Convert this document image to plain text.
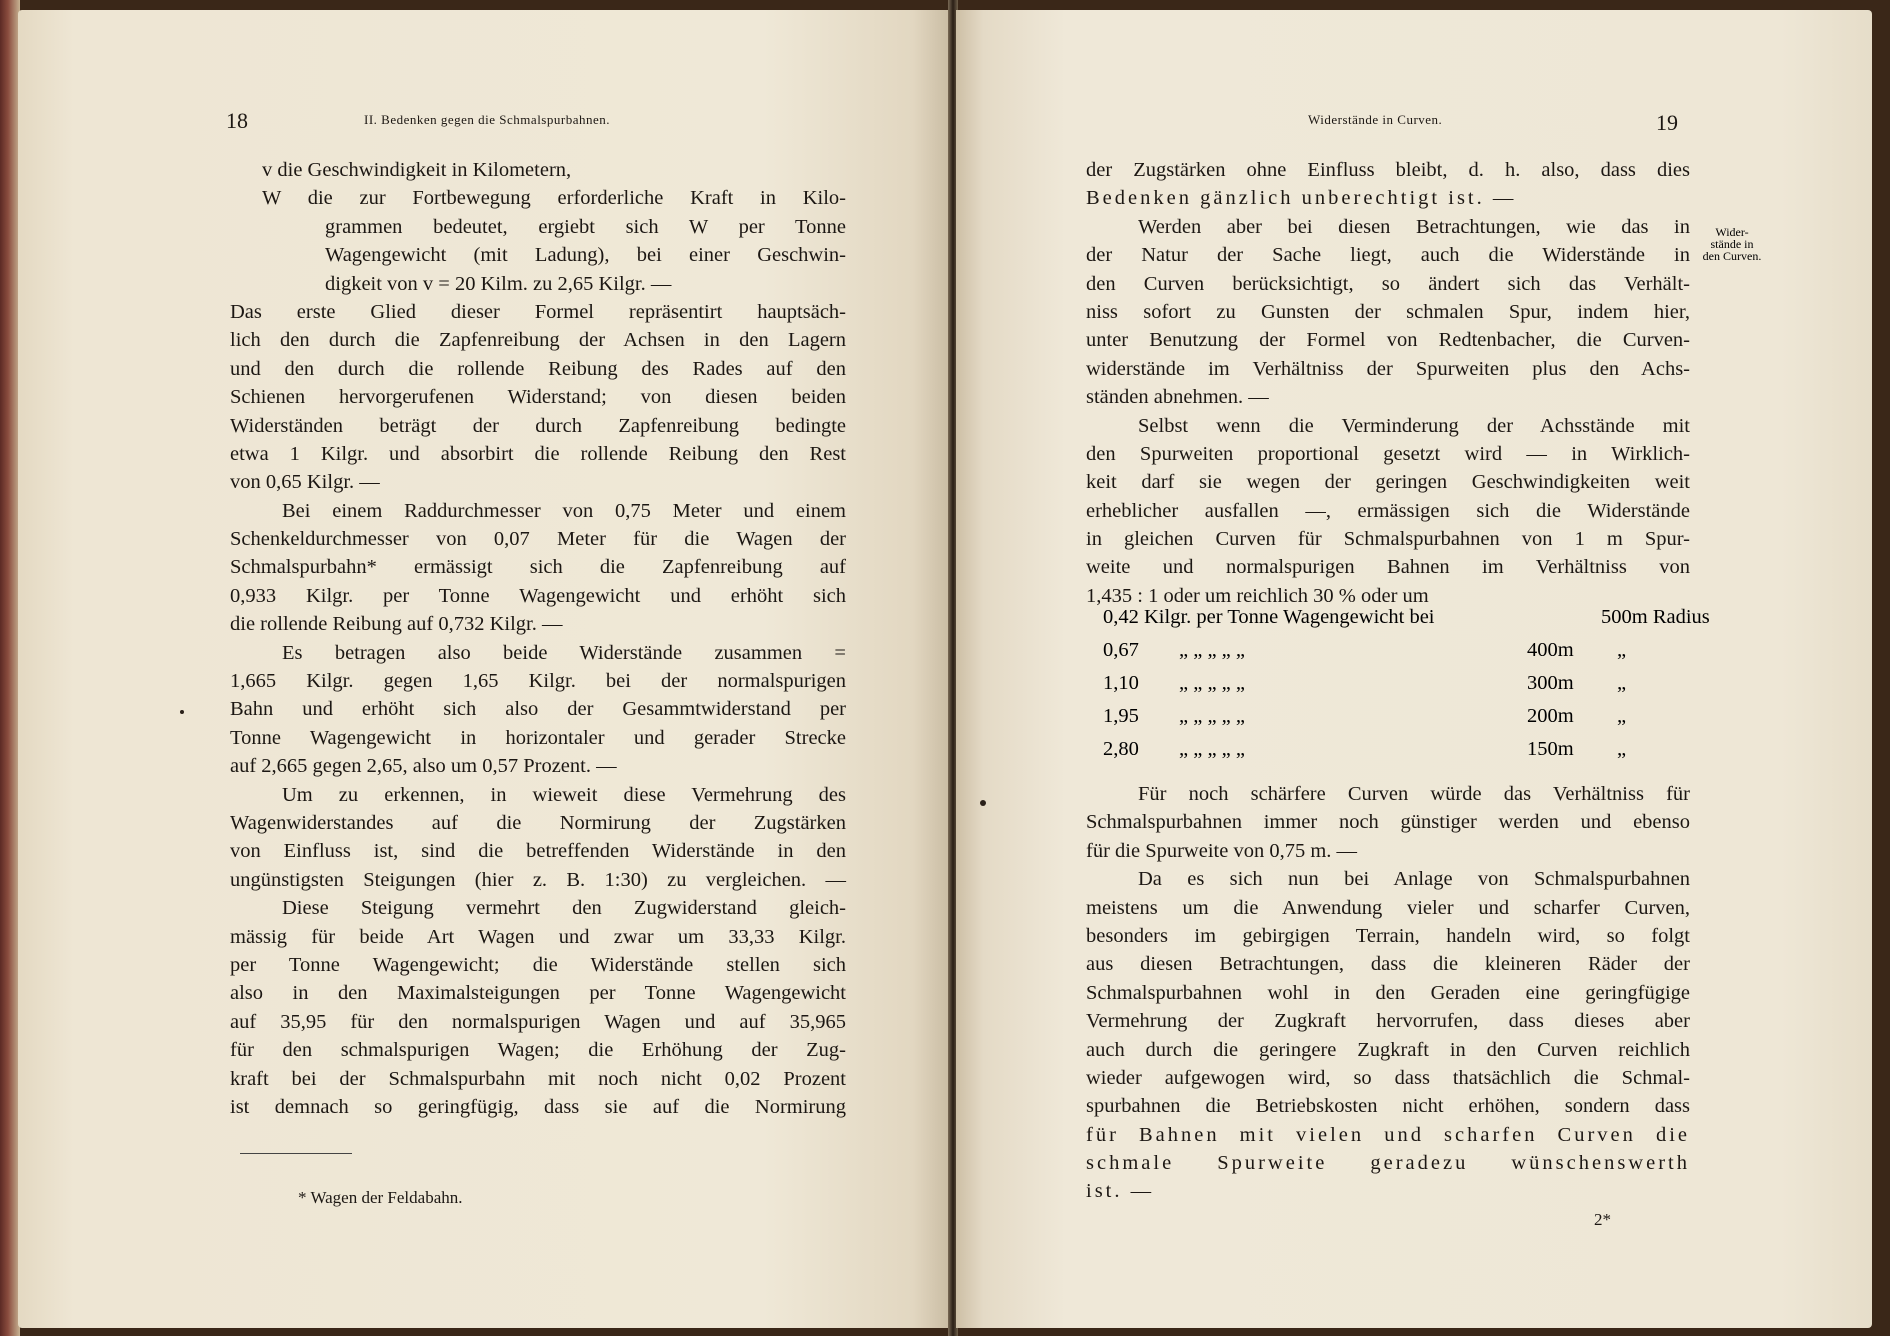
18	II. Bedenken gegen die Schmalspurbahnen.
v die Geschwindigkeit in Kilometern,
W die zur Fortbewegung erforderliche Kraft in Kilo-
grammen bedeutet, ergiebt sich W per Tonne
Wagengewicht (mit Ladung), bei einer Geschwin-
digkeit von v = 20 Kilm. zu 2,65 Kilgr. —
Das erste Glied dieser Formel repräsentirt hauptsäch-
lich den durch die Zapfenreibung der Achsen in den Lagern
und den durch die rollende Reibung des Rades auf den
Schienen hervorgerufenen Widerstand; von diesen beiden
Widerständen beträgt der durch Zapfenreibung bedingte
etwa 1 Kilgr. und absorbirt die rollende Reibung den Rest
von 0,65 Kilgr. —
Bei einem Raddurchmesser von 0,75 Meter und einem
Schenkeldurchmesser von 0,07 Meter für die Wagen der
Schmalspurbahn* ermässigt sich die Zapfenreibung auf
0,933 Kilgr. per Tonne Wagengewicht und erhöht sich
die rollende Reibung auf 0,732 Kilgr. —
Es betragen also beide Widerstände zusammen =
1,665 Kilgr. gegen 1,65 Kilgr. bei der normalspurigen
Bahn und erhöht sich also der Gesammtwiderstand per
Tonne Wagengewicht in horizontaler und gerader Strecke
auf 2,665 gegen 2,65, also um 0,57 Prozent. —
Um zu erkennen, in wieweit diese Vermehrung des
Wagenwiderstandes auf die Normirung der Zugstärken
von Einfluss ist, sind die betreffenden Widerstände in den
ungünstigsten Steigungen (hier z. B. 1:30) zu vergleichen. —
Diese Steigung vermehrt den Zugwiderstand gleich-
mässig für beide Art Wagen und zwar um 33,33 Kilgr.
per Tonne Wagengewicht; die Widerstände stellen sich
also in den Maximalsteigungen per Tonne Wagengewicht
auf 35,95 für den normalspurigen Wagen und auf 35,965
für den schmalspurigen Wagen; die Erhöhung der Zug-
kraft bei der Schmalspurbahn mit noch nicht 0,02 Prozent
ist demnach so geringfügig, dass sie auf die Normirung
* Wagen der Feldabahn.
Widerstände in Curven.	19
der Zugstärken ohne Einfluss bleibt, d. h. also, dass dies
Bedenken gänzlich unberechtigt ist. —
Werden aber bei diesen Betrachtungen, wie das in
der Natur der Sache liegt, auch die Widerstände in
den Curven berücksichtigt, so ändert sich das Verhält-
niss sofort zu Gunsten der schmalen Spur, indem hier,
unter Benutzung der Formel von Redtenbacher, die Curven-
widerstände im Verhältniss der Spurweiten plus den Achs-
ständen abnehmen. —
Selbst wenn die Verminderung der Achsstände mit
den Spurweiten proportional gesetzt wird — in Wirklich-
keit darf sie wegen der geringen Geschwindigkeiten weit
erheblicher ausfallen —, ermässigen sich die Widerstände
in gleichen Curven für Schmalspurbahnen von 1 m Spur-
weite und normalspurigen Bahnen im Verhältniss von
1,435 : 1 oder um reichlich 30 % oder um
Für noch schärfere Curven würde das Verhältniss für
Schmalspurbahnen immer noch günstiger werden und ebenso
für die Spurweite von 0,75 m. —
Da es sich nun bei Anlage von Schmalspurbahnen
meistens um die Anwendung vieler und scharfer Curven,
besonders im gebirgigen Terrain, handeln wird, so folgt
aus diesen Betrachtungen, dass die kleineren Räder der
Schmalspurbahnen wohl in den Geraden eine geringfügige
Vermehrung der Zugkraft hervorrufen, dass dieses aber
auch durch die geringere Zugkraft in den Curven reichlich
wieder aufgewogen wird, so dass thatsächlich die Schmal-
spurbahnen die Betriebskosten nicht erhöhen, sondern dass
für Bahnen mit vielen und scharfen Curven die
schmale Spurweite geradezu wünschenswerth
ist. —
2*
Wider-
stände in
den Curven.
0,42 Kilgr. per Tonne Wagengewicht bei	500m Radius
0,67 „ „ „ „ „	400m „
1,10 „ „ „ „ „	300m „
1,95 „ „ „ „ „	200m „
2,80 „ „ „ „ „	150m „
